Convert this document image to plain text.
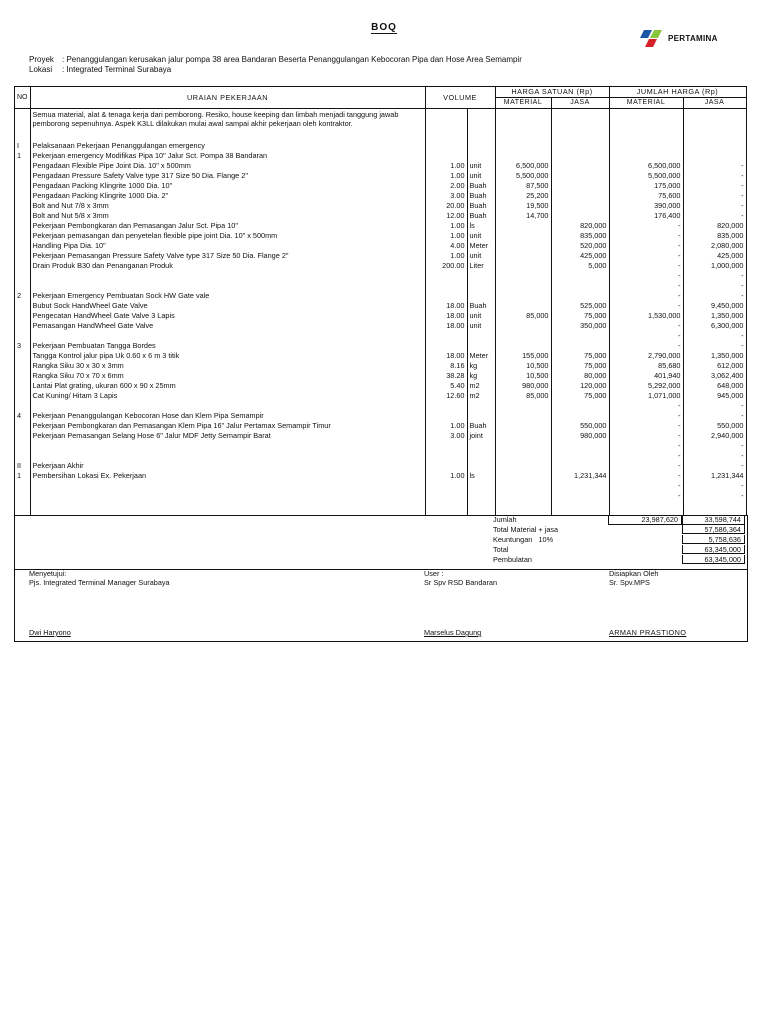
BOQ
PERTAMINA
Proyek : Penanggulangan kerusakan jalur pompa 38 area Bandaran Beserta Penanggulangan Kebocoran Pipa dan Hose Area Semampir
Lokasi : Integrated Terminal Surabaya
NO	URAIAN PEKERJAAN	VOLUME		HARGA SATUAN (Rp)		JUMLAH HARGA (Rp)	
				MATERIAL	JASA	MATERIAL	JASA
	Semua material, alat & tenaga kerja dari pemborong. Resiko, house keeping dan limbah menjadi tanggung jawab pemborong sepenuhnya. Aspek K3LL dilakukan mulai awal sampai akhir pekerjaan oleh kontraktor.						

I	Pelaksanaan Pekerjaan Penanggulangan emergency						
1	Pekerjaan emergency Modifikas Pipa 10" Jalur Sct. Pompa 38 Bandaran						
	Pengadaan Flexible Pipe Joint Dia. 10" x 500mm	1.00	unit	6,500,000		6,500,000	-
	Pengadaan Pressure Safety Valve type 317 Size 50 Dia. Flange 2"	1.00	unit	5,500,000		5,500,000	-
	Pengadaan Packing Klingrite 1000 Dia. 10"	2.00	Buah	87,500		175,000	-
	Pengadaan Packing Klingrite 1000 Dia. 2"	3.00	Buah	25,200		75,600	-
	Bolt and Nut 7/8 x 3mm	20.00	Buah	19,500		390,000	-
	Bolt and Nut 5/8 x 3mm	12.00	Buah	14,700		176,400	-
	Pekerjaan Pembongkaran dan Pemasangan Jalur Sct. Pipa 10"	1.00	ls		820,000	-	820,000
	Pekerjaan pemasangan dan penyetelan flexible pipe joint Dia. 10" x 500mm	1.00	unit		835,000	-	835,000
	Handling Pipa Dia. 10"	4.00	Meter		520,000	-	2,080,000
	Pekerjaan Pemasangan Pressure Safety Valve type 317 Size 50 Dia. Flange 2"	1.00	unit		425,000	-	425,000
	Drain Produk B30 dan Penanganan Produk	200.00	Liter		5,000	-	1,000,000
						-	-
						-	-
2	Pekerjaan Emergency Pembuatan Sock HW Gate vale					-	-
	Bubut Sock HandWheel Gate Valve	18.00	Buah		525,000	-	9,450,000
	Pengecatan HandWheel Gate Valve 3 Lapis	18.00	unit	85,000	75,000	1,530,000	1,350,000
	Pemasangan HandWheel Gate Valve	18.00	unit		350,000	-	6,300,000
						-	-
3	Pekerjaan Pembuatan Tangga Bordes					-	-
	Tangga Kontrol jalur pipa Uk 0.60 x 6 m 3 titik	18.00	Meter	155,000	75,000	2,790,000	1,350,000
	Rangka Siku 30 x 30 x 3mm	8.16	kg	10,500	75,000	85,680	612,000
	Rangka Siku 70 x 70 x 6mm	38.28	kg	10,500	80,000	401,940	3,062,400
	Lantai Plat grating, ukuran 600 x 90 x 25mm	5.40	m2	980,000	120,000	5,292,000	648,000
	Cat Kuning/ Hitam 3 Lapis	12.60	m2	85,000	75,000	1,071,000	945,000
						-	-
4	Pekerjaan Penanggulangan Kebocoran Hose dan Klem Pipa Semampir					-	-
	Pekerjaan Pembongkaran dan Pemasangan Klem Pipa 16" Jalur Pertamax Semampir Timur	1.00	Buah		550,000	-	550,000
	Pekerjaan Pemasangan Selang Hose 6" Jalur MDF Jetty Semampir Barat	3.00	joint		980,000	-	2,940,000
						-	-
						-	-
II	Pekerjaan Akhir					-	-
1	Pembersihan Lokasi Ex. Pekerjaan	1.00	ls		1,231,344	-	1,231,344
						-	-
						-	-

Jumlah	23,987,620	33,598,744
Total Material + jasa	57,586,364
Keuntungan 10%	5,758,636
Total	63,345,000
Pembulatan	63,345,000
Menyetujui:
Pjs. Integrated Terminal Manager Surabaya
Dwi Haryono
User :
Sr Spv RSD Bandaran
Marselus Dagung
Disiapkan Oleh
Sr. Spv.MPS
ARMAN PRASTIONO
